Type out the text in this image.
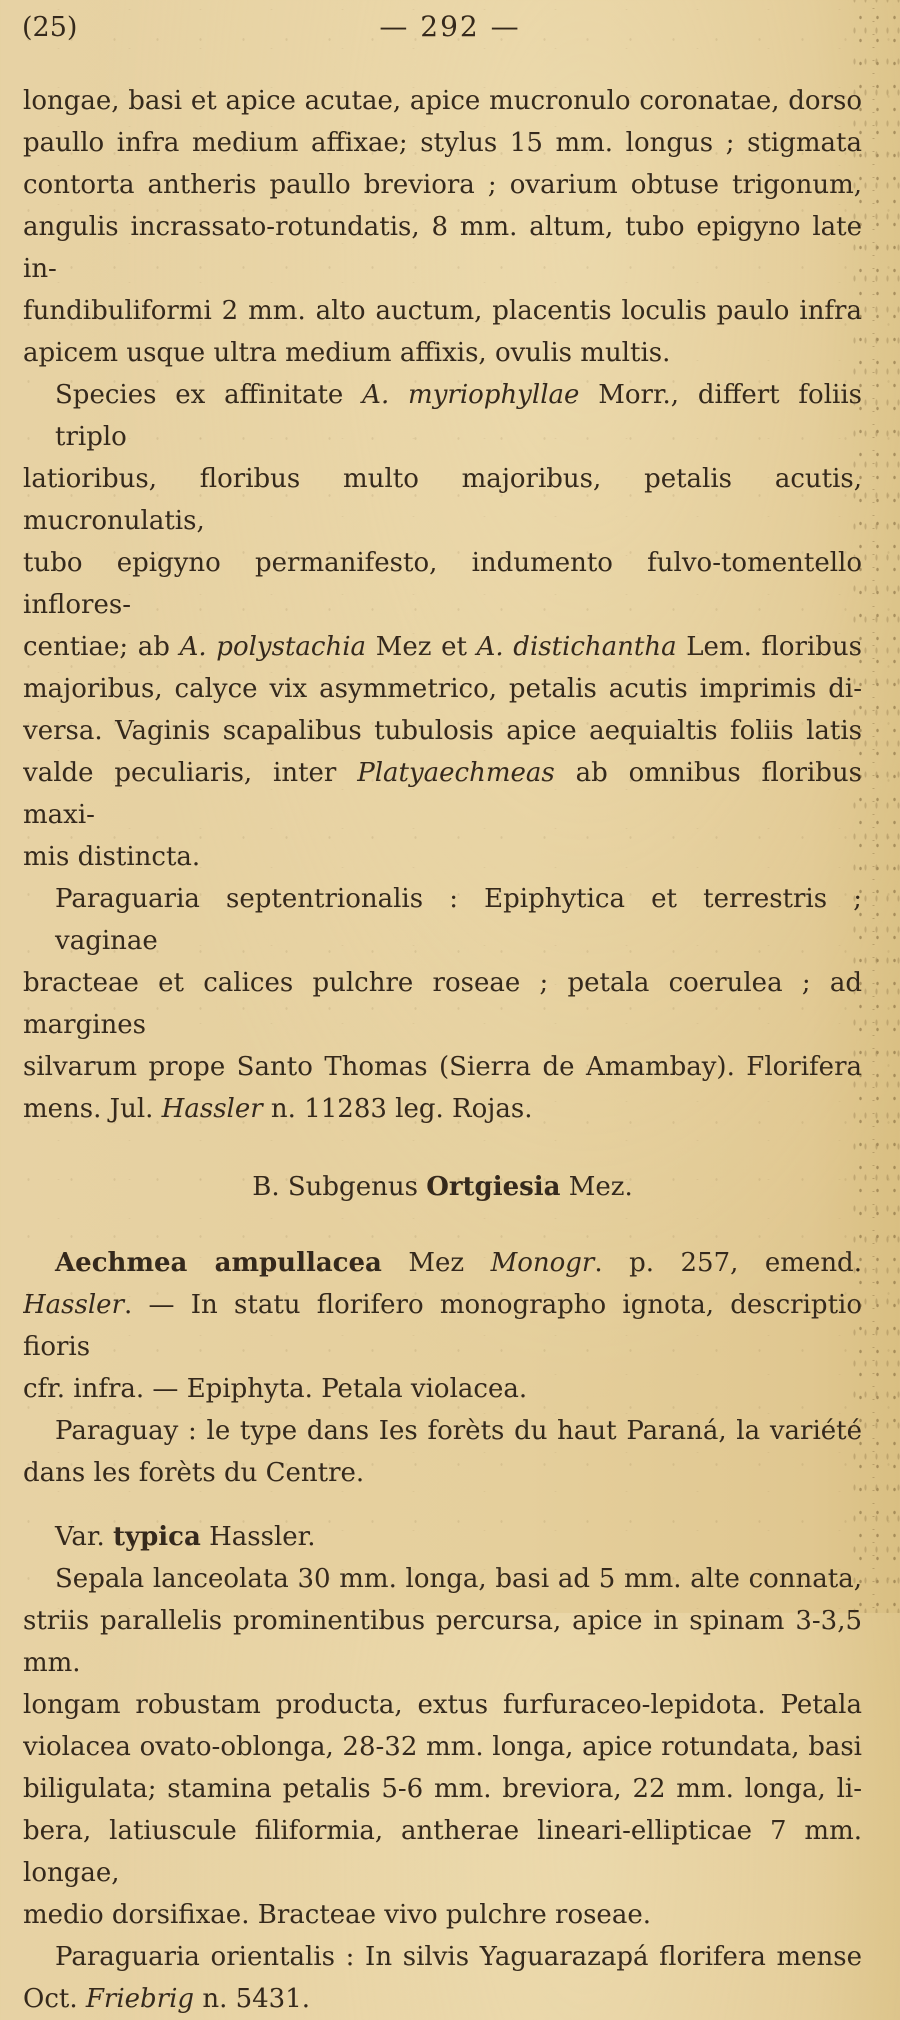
(25)	— 292 —
longae, basi et apice acutae, apice mucronulo coronatae, dorso
paullo infra medium affixae; stylus 15 mm. longus ; stigmata
contorta antheris paullo breviora ; ovarium obtuse trigonum,
angulis incrassato-rotundatis, 8 mm. altum, tubo epigyno late in-
fundibuliformi 2 mm. alto auctum, placentis loculis paulo infra
apicem usque ultra medium affixis, ovulis multis.
Species ex affinitate A. myriophyllae Morr., differt foliis triplo
latioribus, floribus multo majoribus, petalis acutis, mucronulatis,
tubo epigyno permanifesto, indumento fulvo-tomentello inflores-
centiae; ab A. polystachia Mez et A. distichantha Lem. floribus
majoribus, calyce vix asymmetrico, petalis acutis imprimis di-
versa. Vaginis scapalibus tubulosis apice aequialtis foliis latis
valde peculiaris, inter Platyaechmeas ab omnibus floribus maxi-
mis distincta.
Paraguaria septentrionalis : Epiphytica et terrestris ; vaginae
bracteae et calices pulchre roseae ; petala coerulea ; ad margines
silvarum prope Santo Thomas (Sierra de Amambay). Florifera
mens. Jul. Hassler n. 11283 leg. Rojas.
B. Subgenus Ortgiesia Mez.
Aechmea ampullacea Mez Monogr. p. 257, emend.
Hassler. — In statu florifero monographo ignota, descriptio fioris
cfr. infra. — Epiphyta. Petala violacea.
Paraguay : le type dans Ies forèts du haut Paraná, la variété
dans les forèts du Centre.
Var. typica Hassler.
Sepala lanceolata 30 mm. longa, basi ad 5 mm. alte connata,
striis parallelis prominentibus percursa, apice in spinam 3-3,5 mm.
longam robustam producta, extus furfuraceo-lepidota. Petala
violacea ovato-oblonga, 28-32 mm. longa, apice rotundata, basi
biligulata; stamina petalis 5-6 mm. breviora, 22 mm. longa, li-
bera, latiuscule filiformia, antherae lineari-ellipticae 7 mm. longae,
medio dorsifixae. Bracteae vivo pulchre roseae.
Paraguaria orientalis : In silvis Yaguarazapá florifera mense
Oct. Friebrig n. 5431.
